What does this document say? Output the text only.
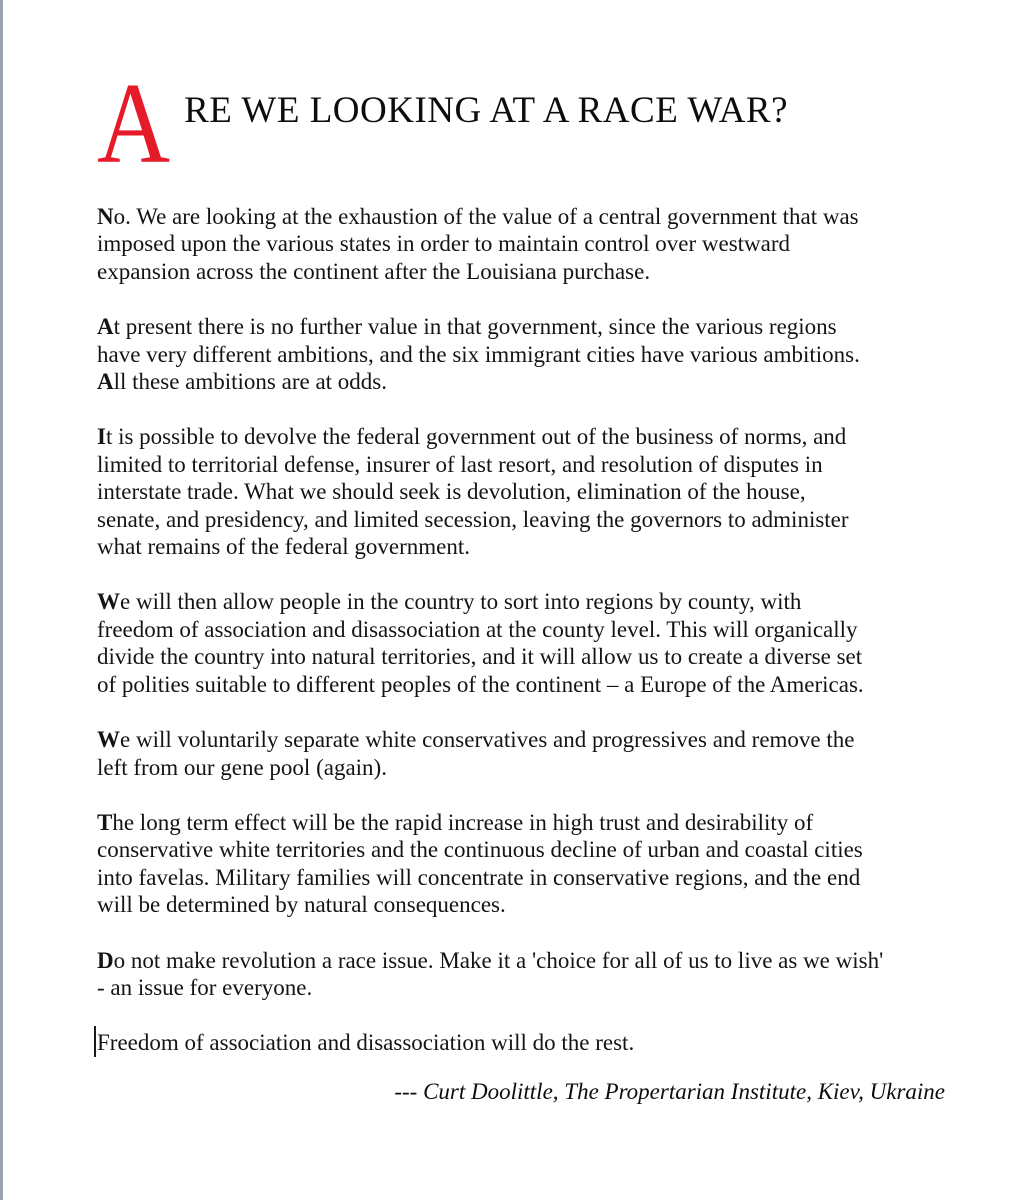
A RE WE LOOKING AT A RACE WAR?
No. We are looking at the exhaustion of the value of a central government that was
imposed upon the various states in order to maintain control over westward
expansion across the continent after the Louisiana purchase.
At present there is no further value in that government, since the various regions
have very different ambitions, and the six immigrant cities have various ambitions.
All these ambitions are at odds.
It is possible to devolve the federal government out of the business of norms, and
limited to territorial defense, insurer of last resort, and resolution of disputes in
interstate trade. What we should seek is devolution, elimination of the house,
senate, and presidency, and limited secession, leaving the governors to administer
what remains of the federal government.
We will then allow people in the country to sort into regions by county, with
freedom of association and disassociation at the county level. This will organically
divide the country into natural territories, and it will allow us to create a diverse set
of polities suitable to different peoples of the continent – a Europe of the Americas.
We will voluntarily separate white conservatives and progressives and remove the
left from our gene pool (again).
The long term effect will be the rapid increase in high trust and desirability of
conservative white territories and the continuous decline of urban and coastal cities
into favelas. Military families will concentrate in conservative regions, and the end
will be determined by natural consequences.
Do not make revolution a race issue. Make it a 'choice for all of us to live as we wish'
- an issue for everyone.
Freedom of association and disassociation will do the rest.
--- Curt Doolittle, The Propertarian Institute, Kiev, Ukraine
